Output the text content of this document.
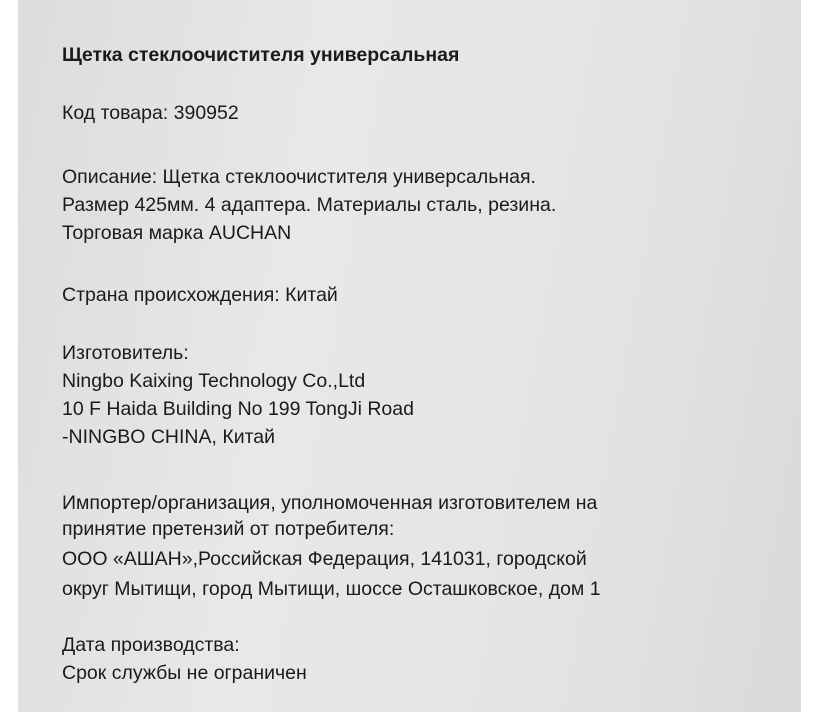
Щетка стеклоочистителя универсальная

Код товара: 390952

Описание: Щетка стеклоочистителя универсальная.

Размер 425мм. 4 адаптера. Материалы сталь, резина.

Торговая марка AUCHAN

Страна происхождения: Китай

Изготовитель:

Ningbo Kaixing Technology Co.,Ltd

10 F Haida Building No 199 TongJi Road

-NINGBO CHINA, Китай

Импортер/организация, уполномоченная изготовителем на

принятие претензий от потребителя:

ООО «АШАН»,Российская Федерация, 141031, городской

округ Мытищи, город Мытищи, шоссе Осташковское, дом 1

Дата производства:

Срок службы не ограничен
